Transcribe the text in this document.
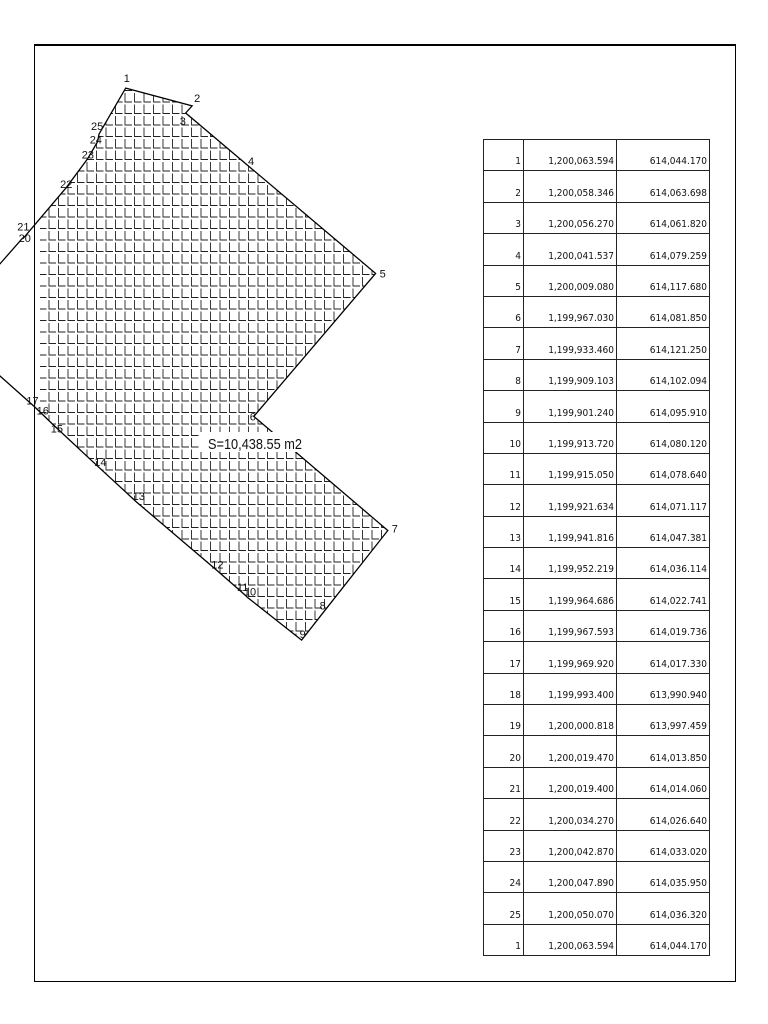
1
2
3
4
5
6
7
8
9
10
11
12
13
14
15
16
17
20
21
22
23
24
25
S=10,438.55 m2
1	1,200,063.594	614,044.170
2	1,200,058.346	614,063.698
3	1,200,056.270	614,061.820
4	1,200,041.537	614,079.259
5	1,200,009.080	614,117.680
6	1,199,967.030	614,081.850
7	1,199,933.460	614,121.250
8	1,199,909.103	614,102.094
9	1,199,901.240	614,095.910
10	1,199,913.720	614,080.120
11	1,199,915.050	614,078.640
12	1,199,921.634	614,071.117
13	1,199,941.816	614,047.381
14	1,199,952.219	614,036.114
15	1,199,964.686	614,022.741
16	1,199,967.593	614,019.736
17	1,199,969.920	614,017.330
18	1,199,993.400	613,990.940
19	1,200,000.818	613,997.459
20	1,200,019.470	614,013.850
21	1,200,019.400	614,014.060
22	1,200,034.270	614,026.640
23	1,200,042.870	614,033.020
24	1,200,047.890	614,035.950
25	1,200,050.070	614,036.320
1	1,200,063.594	614,044.170
